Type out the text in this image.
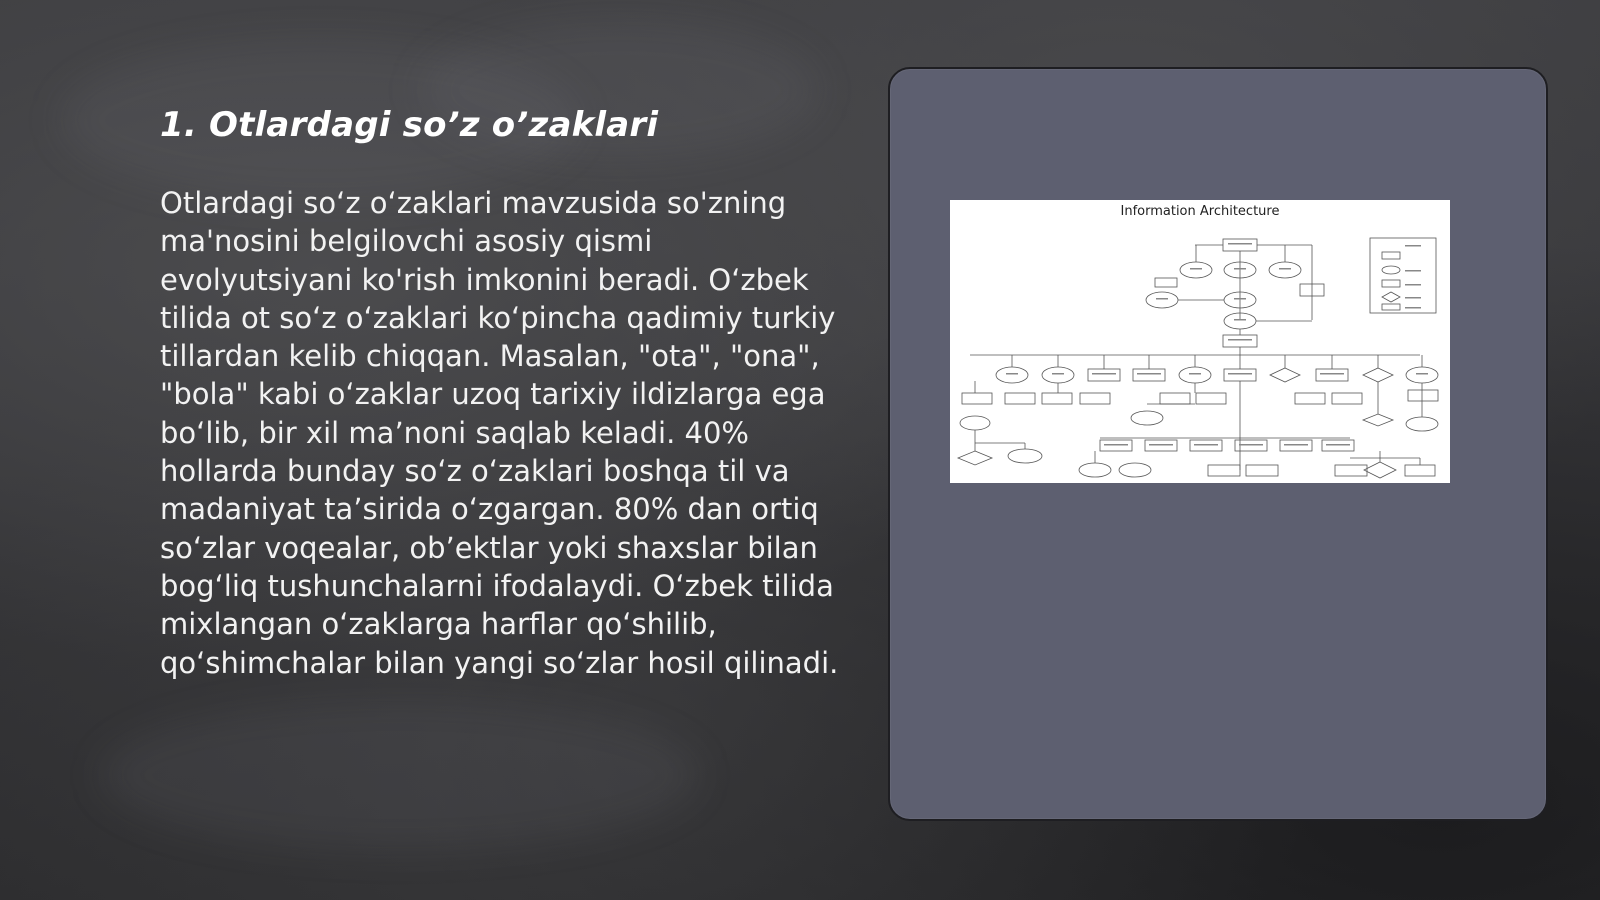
1. Otlardagi so’z o’zaklari

Otlardagi so‘z o‘zaklari mavzusida so'zning ma'nosini belgilovchi asosiy qismi evolyutsiyani ko'rish imkonini beradi. O‘zbek tilida ot so‘z o‘zaklari ko‘pincha qadimiy turkiy tillardan kelib chiqqan. Masalan, "ota", "ona", "bola" kabi o‘zaklar uzoq tarixiy ildizlarga ega bo‘lib, bir xil ma’noni saqlab keladi. 40% hollarda bunday so‘z o‘zaklari boshqa til va madaniyat ta’sirida o‘zgargan. 80% dan ortiq so‘zlar voqealar, ob’ektlar yoki shaxslar bilan bog‘liq tushunchalarni ifodalaydi. O‘zbek tilida mixlangan o‘zaklarga harflar qo‘shilib, qo‘shimchalar bilan yangi so‘zlar hosil qilinadi.

Information Architecture
